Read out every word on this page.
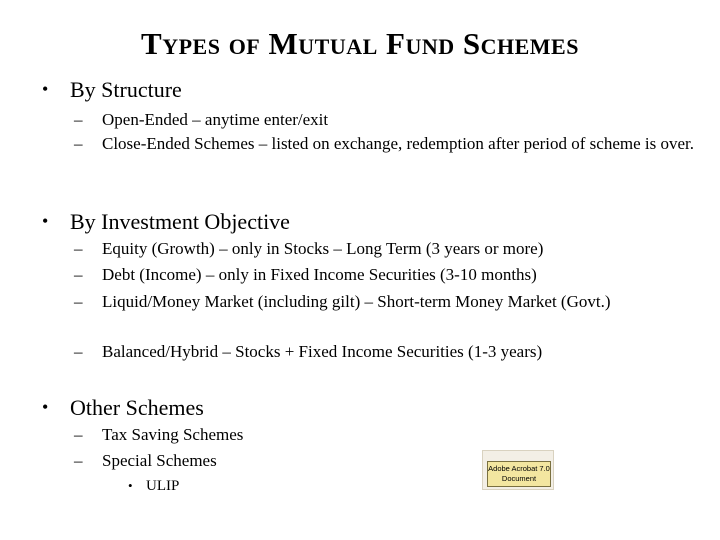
Types of Mutual Fund Schemes
• By Structure
– Open-Ended – anytime enter/exit
– Close-Ended Schemes – listed on exchange, redemption after period of scheme is over.
• By Investment Objective
– Equity (Growth) – only in Stocks – Long Term (3 years or more)
– Debt (Income) – only in Fixed Income Securities (3-10 months)
– Liquid/Money Market (including gilt) – Short-term Money Market (Govt.)
– Balanced/Hybrid – Stocks + Fixed Income Securities (1-3 years)
• Other Schemes
– Tax Saving Schemes
– Special Schemes
• ULIP
Adobe Acrobat 7.0
Document
